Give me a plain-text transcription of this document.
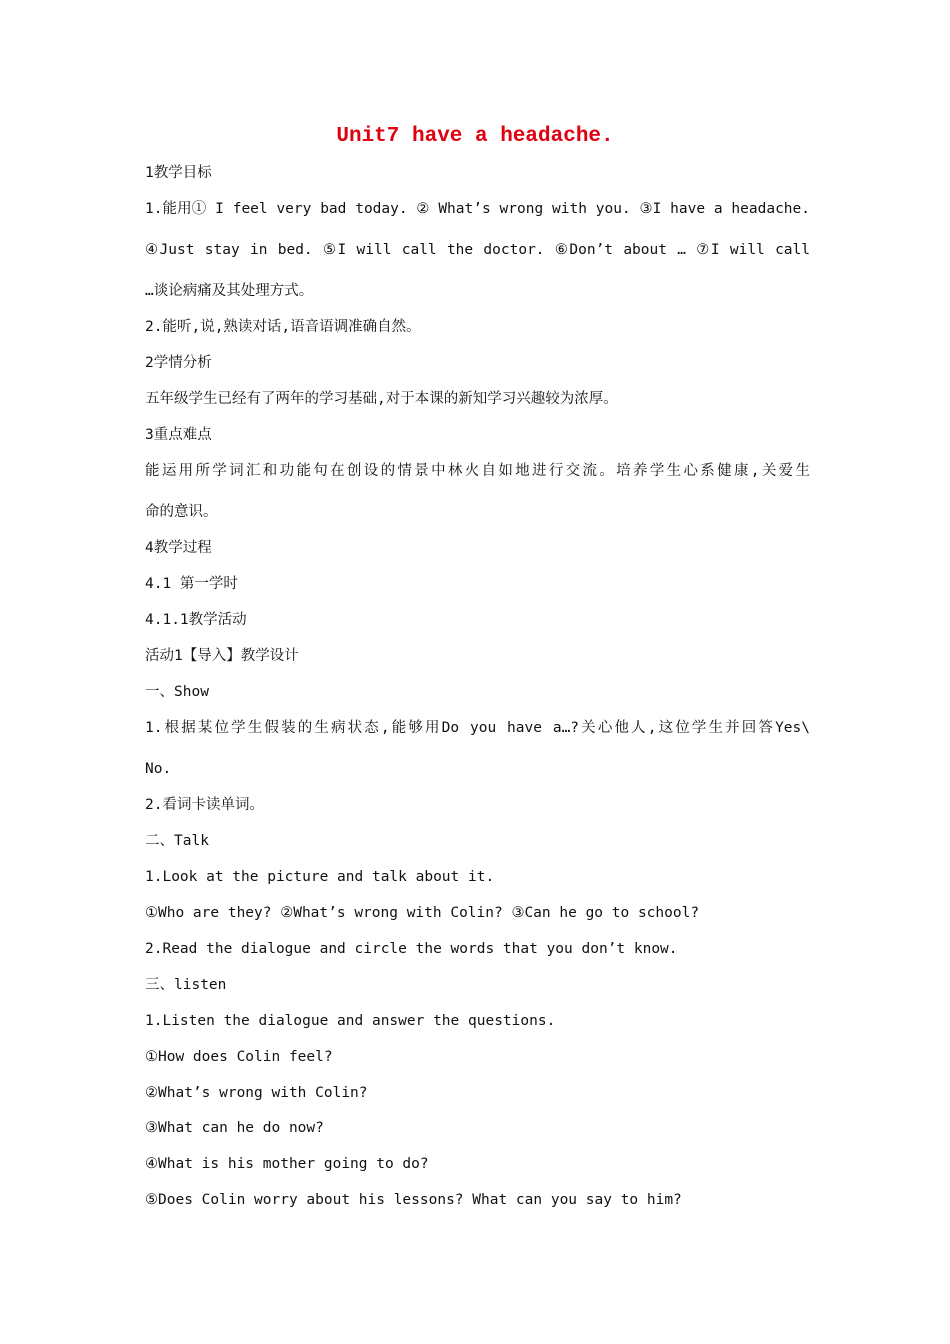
Unit7 have a headache.
1教学目标
1.能用① I feel very bad today. ② What’s wrong with you. ③I have a headache.
④Just stay in bed. ⑤I will call the doctor. ⑥Don’t about … ⑦I will call
…谈论病痛及其处理方式。
2.能听,说,熟读对话,语音语调准确自然。
2学情分析
五年级学生已经有了两年的学习基础,对于本课的新知学习兴趣较为浓厚。
3重点难点
能运用所学词汇和功能句在创设的情景中林火自如地进行交流。培养学生心系健康,关爱生
命的意识。
4教学过程
4.1 第一学时
4.1.1教学活动
活动1【导入】教学设计
一、Show
1.根据某位学生假装的生病状态,能够用Do you have a…?关心他人,这位学生并回答Yes\
No.
2.看词卡读单词。
二、Talk
1.Look at the picture and talk about it.
①Who are they? ②What’s wrong with Colin? ③Can he go to school?
2.Read the dialogue and circle the words that you don’t know.
三、listen
1.Listen the dialogue and answer the questions.
①How does Colin feel?
②What’s wrong with Colin?
③What can he do now?
④What is his mother going to do?
⑤Does Colin worry about his lessons? What can you say to him?
